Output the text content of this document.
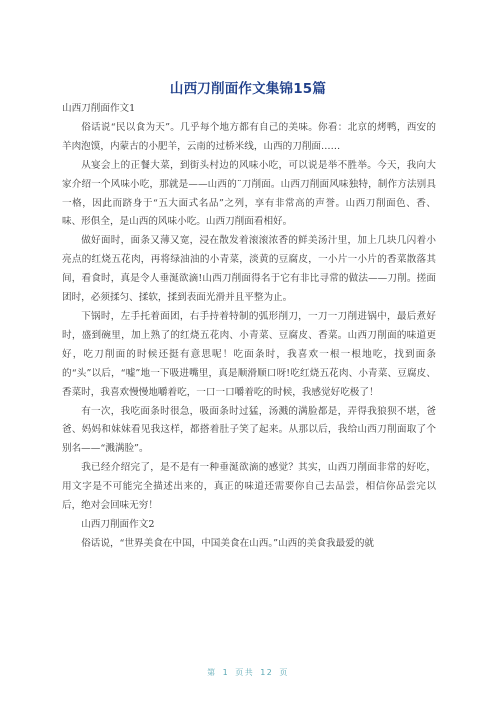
山西刀削面作文集锦15篇

山西刀削面作文1

俗话说“民以食为天”。几乎每个地方都有自己的美味。你看：北京的烤鸭，西安的羊肉泡馍，内蒙古的小肥羊，云南的过桥米线，山西的刀削面……

从宴会上的正餐大菜，到街头村边的风味小吃，可以说是举不胜举。今天，我向大家介绍一个风味小吃，那就是——山西的¨刀削面。山西刀削面风味独特，制作方法别具一格，因此而跻身于“五大面式名品”之列，享有非常高的声誉。山西刀削面色、香、味、形俱全，是山西的风味小吃。山西刀削面看相好。

做好面时，面条又薄又宽，浸在散发着滚滚浓香的鲜美汤汁里，加上几块几闪着小亮点的红烧五花肉，再将绿油油的小青菜，淡黄的豆腐皮，一小片一小片的香菜散落其间，看食时，真是令人垂涎欲滴!山西刀削面得名于它有非比寻常的做法——刀削。搓面团时，必须揉匀、揉软，揉到表面光滑并且平整为止。

下锅时，左手托着面团，右手持着特制的弧形削刀，一刀一刀削进锅中，最后煮好时，盛到碗里，加上熟了的红烧五花肉、小青菜、豆腐皮、香菜。山西刀削面的味道更好，吃刀削面的时候还挺有意思呢！吃面条时，我喜欢一根一根地吃，找到面条的“头”以后，“嘘”地一下吸进嘴里，真是顺滑顺口呀!吃红烧五花肉、小青菜、豆腐皮、香菜时，我喜欢慢慢地嚼着吃，一口一口嚼着吃的时候，我感觉好吃极了！

有一次，我吃面条时很急，吸面条时过猛，汤溅的满脸都是，弄得我狼狈不堪，爸爸、妈妈和妹妹看见我这样，都搭着肚子笑了起来。从那以后，我给山西刀削面取了个别名——“溅满脸”。

我已经介绍完了，是不是有一种垂涎欲滴的感觉？其实，山西刀削面非常的好吃，用文字是不可能完全描述出来的，真正的味道还需要你自己去品尝，相信你品尝完以后，绝对会回味无穷！

山西刀削面作文2

俗话说，“世界美食在中国，中国美食在山西。”山西的美食我最爱的就

第 1 页共 12 页
